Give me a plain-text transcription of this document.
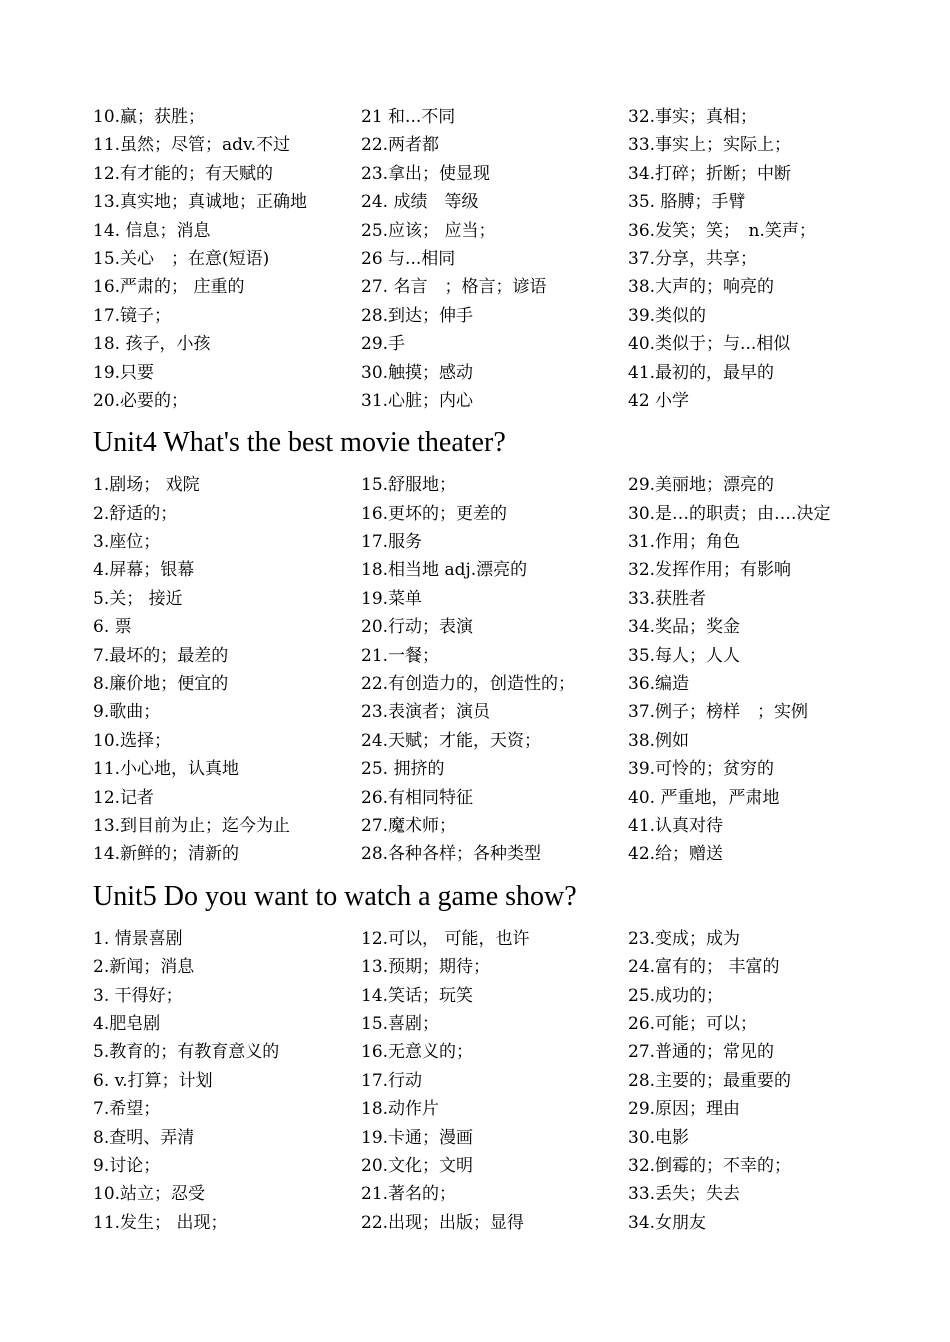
10.赢；获胜；
11.虽然；尽管；adv.不过
12.有才能的；有天赋的
13.真实地；真诚地；正确地
14. 信息；消息
15.关心　；在意(短语)
16.严肃的； 庄重的
17.镜子；
18. 孩子，小孩
19.只要
20.必要的；
21 和...不同
22.两者都
23.拿出；使显现
24. 成绩　等级
25.应该； 应当；
26 与...相同
27. 名言　；格言；谚语
28.到达；伸手
29.手
30.触摸；感动
31.心脏；内心
32.事实；真相；
33.事实上；实际上；
34.打碎；折断；中断
35. 胳膊；手臂
36.发笑；笑；　n.笑声；
37.分享，共享；
38.大声的；响亮的
39.类似的
40.类似于；与...相似
41.最初的，最早的
42 小学
Unit4 What's the best movie theater?
1.剧场； 戏院
2.舒适的；
3.座位；
4.屏幕；银幕
5.关； 接近
6. 票
7.最坏的；最差的
8.廉价地；便宜的
9.歌曲；
10.选择；
11.小心地，认真地
12.记者
13.到目前为止；迄今为止
14.新鲜的；清新的
15.舒服地；
16.更坏的；更差的
17.服务
18.相当地 adj.漂亮的
19.菜单
20.行动；表演
21.一餐；
22.有创造力的，创造性的；
23.表演者；演员
24.天赋；才能，天资；
25. 拥挤的
26.有相同特征
27.魔术师；
28.各种各样；各种类型
29.美丽地；漂亮的
30.是…的职责；由….决定
31.作用；角色
32.发挥作用；有影响
33.获胜者
34.奖品；奖金
35.每人；人人
36.编造
37.例子；榜样　；实例
38.例如
39.可怜的；贫穷的
40. 严重地，严肃地
41.认真对待
42.给；赠送
Unit5 Do you want to watch a game show?
1. 情景喜剧
2.新闻；消息
3. 干得好；
4.肥皂剧
5.教育的；有教育意义的
6. v.打算；计划
7.希望；
8.查明、弄清
9.讨论；
10.站立；忍受
11.发生； 出现；
12.可以， 可能，也许
13.预期；期待；
14.笑话；玩笑
15.喜剧；
16.无意义的；
17.行动
18.动作片
19.卡通；漫画
20.文化；文明
21.著名的；
22.出现；出版；显得
23.变成；成为
24.富有的； 丰富的
25.成功的；
26.可能；可以；
27.普通的；常见的
28.主要的；最重要的
29.原因；理由
30.电影
32.倒霉的；不幸的；
33.丢失；失去
34.女朋友
